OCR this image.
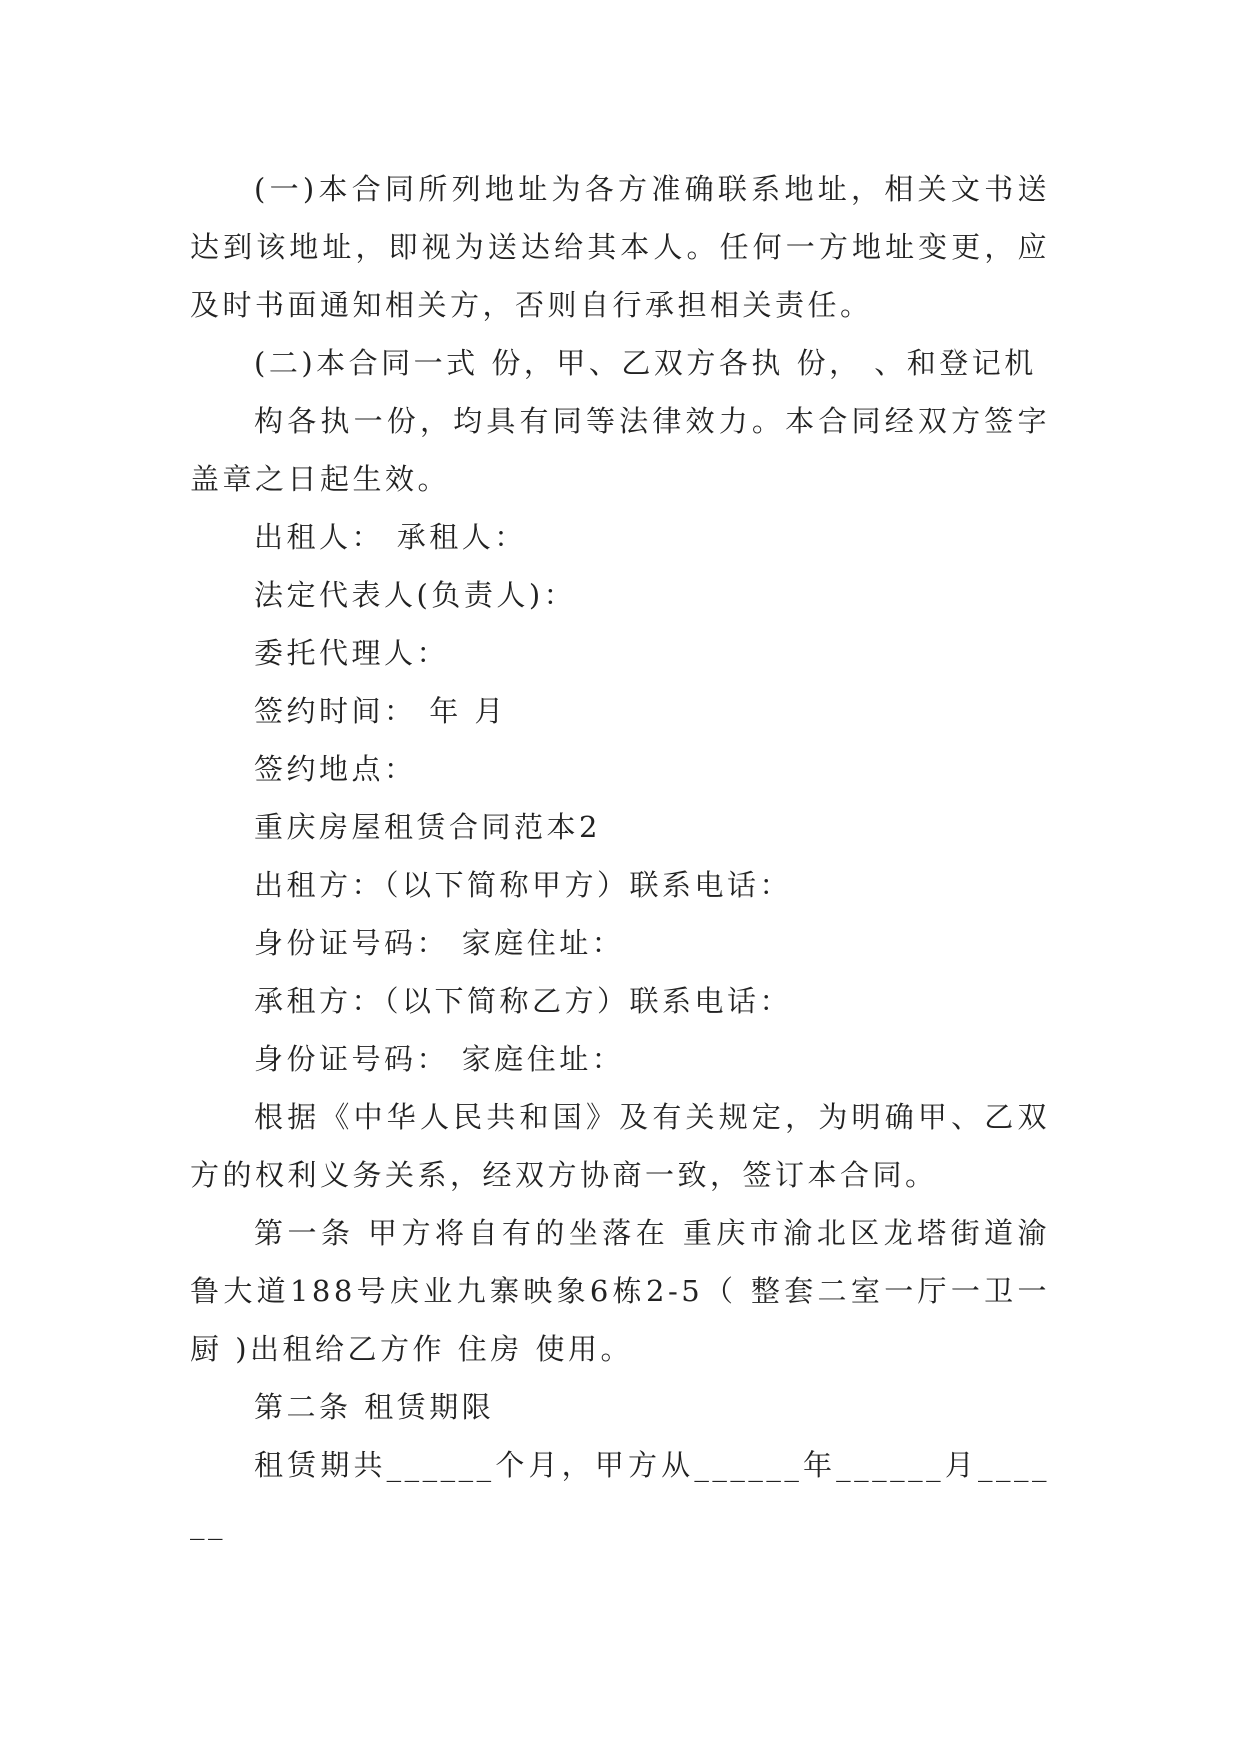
(一)本合同所列地址为各方准确联系地址，相关文书送达到该地址，即视为送达给其本人。任何一方地址变更，应及时书面通知相关方，否则自行承担相关责任。

(二)本合同一式 份，甲、乙双方各执 份， 、和登记机

构各执一份，均具有同等法律效力。本合同经双方签字盖章之日起生效。

出租人： 承租人：

法定代表人(负责人)：

委托代理人：

签约时间： 年 月

签约地点：

重庆房屋租赁合同范本2

出租方：（以下简称甲方）联系电话：

身份证号码： 家庭住址：

承租方：（以下简称乙方）联系电话：

身份证号码： 家庭住址：

根据《中华人民共和国》及有关规定，为明确甲、乙双方的权利义务关系，经双方协商一致，签订本合同。

第一条 甲方将自有的坐落在 重庆市渝北区龙塔街道渝鲁大道188号庆业九寨映象6栋2-5（ 整套二室一厅一卫一厨 )出租给乙方作 住房 使用。

第二条 租赁期限

租赁期共______个月，甲方从______年______月______
